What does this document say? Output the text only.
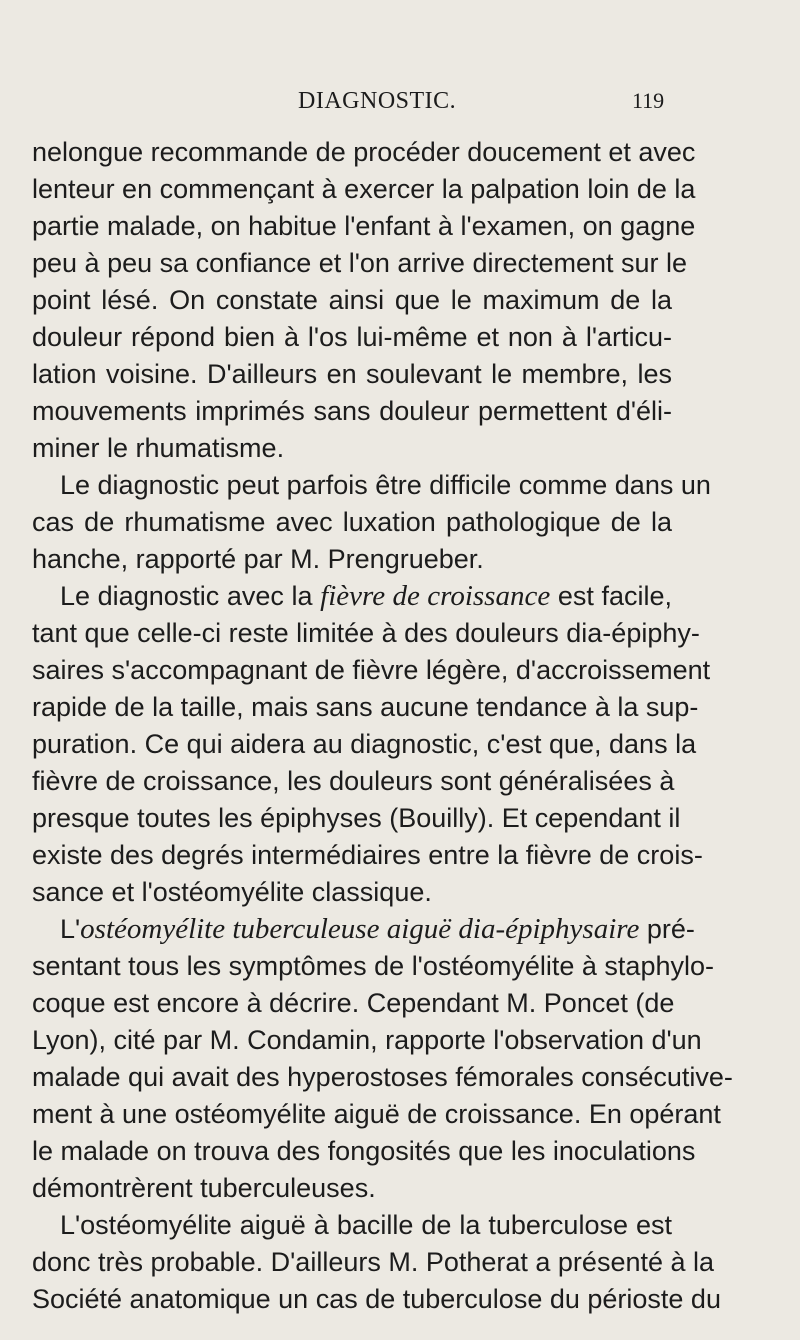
DIAGNOSTIC.	119
nelongue recommande de procéder doucement et avec
lenteur en commençant à exercer la palpation loin de la
partie malade, on habitue l'enfant à l'examen, on gagne
peu à peu sa confiance et l'on arrive directement sur le
point lésé. On constate ainsi que le maximum de la
douleur répond bien à l'os lui-même et non à l'articu-
lation voisine. D'ailleurs en soulevant le membre, les
mouvements imprimés sans douleur permettent d'éli-
miner le rhumatisme.
Le diagnostic peut parfois être difficile comme dans un
cas de rhumatisme avec luxation pathologique de la
hanche, rapporté par M. Prengrueber.
Le diagnostic avec la fièvre de croissance est facile,
tant que celle-ci reste limitée à des douleurs dia-épiphy-
saires s'accompagnant de fièvre légère, d'accroissement
rapide de la taille, mais sans aucune tendance à la sup-
puration. Ce qui aidera au diagnostic, c'est que, dans la
fièvre de croissance, les douleurs sont généralisées à
presque toutes les épiphyses (Bouilly). Et cependant il
existe des degrés intermédiaires entre la fièvre de crois-
sance et l'ostéomyélite classique.
L'ostéomyélite tuberculeuse aiguë dia-épiphysaire pré-
sentant tous les symptômes de l'ostéomyélite à staphylo-
coque est encore à décrire. Cependant M. Poncet (de
Lyon), cité par M. Condamin, rapporte l'observation d'un
malade qui avait des hyperostoses fémorales consécutive-
ment à une ostéomyélite aiguë de croissance. En opérant
le malade on trouva des fongosités que les inoculations
démontrèrent tuberculeuses.
L'ostéomyélite aiguë à bacille de la tuberculose est
donc très probable. D'ailleurs M. Potherat a présenté à la
Société anatomique un cas de tuberculose du périoste du
